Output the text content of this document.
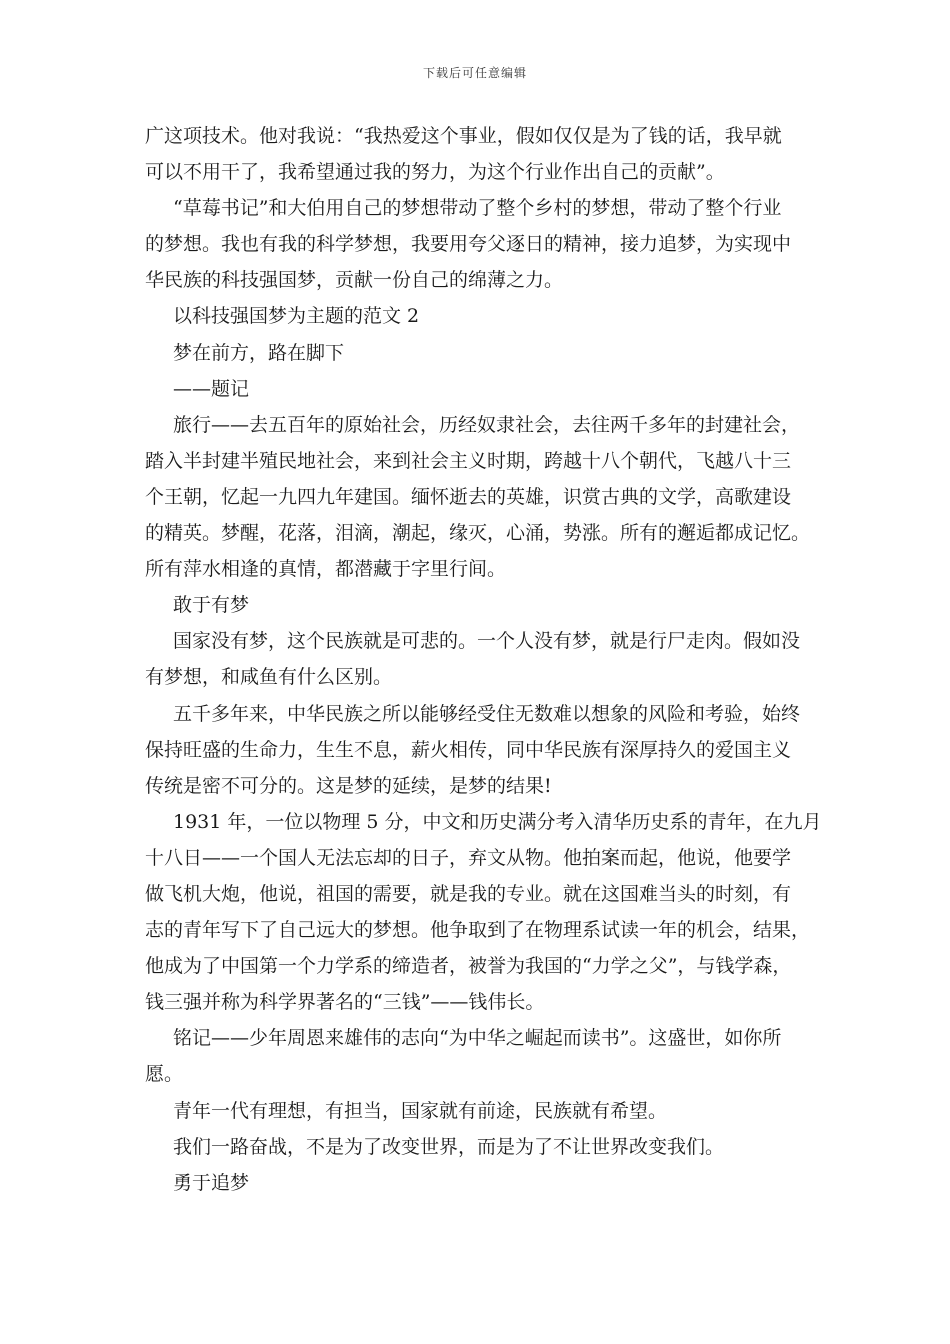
下载后可任意编辑
广这项技术。他对我说：“我热爱这个事业，假如仅仅是为了钱的话，我早就
可以不用干了，我希望通过我的努力，为这个行业作出自己的贡献”。
“草莓书记”和大伯用自己的梦想带动了整个乡村的梦想，带动了整个行业
的梦想。我也有我的科学梦想，我要用夸父逐日的精神，接力追梦，为实现中
华民族的科技强国梦，贡献一份自己的绵薄之力。
以科技强国梦为主题的范文 2
梦在前方，路在脚下
——题记
旅行——去五百年的原始社会，历经奴隶社会，去往两千多年的封建社会，
踏入半封建半殖民地社会，来到社会主义时期，跨越十八个朝代，飞越八十三
个王朝，忆起一九四九年建国。缅怀逝去的英雄，识赏古典的文学，高歌建设
的精英。梦醒，花落，泪滴，潮起，缘灭，心涌，势涨。所有的邂逅都成记忆。
所有萍水相逢的真情，都潜藏于字里行间。
敢于有梦
国家没有梦，这个民族就是可悲的。一个人没有梦，就是行尸走肉。假如没
有梦想，和咸鱼有什么区别。
五千多年来，中华民族之所以能够经受住无数难以想象的风险和考验，始终
保持旺盛的生命力，生生不息，薪火相传，同中华民族有深厚持久的爱国主义
传统是密不可分的。这是梦的延续，是梦的结果!
1931 年，一位以物理 5 分，中文和历史满分考入清华历史系的青年，在九月
十八日——一个国人无法忘却的日子，弃文从物。他拍案而起，他说，他要学
做飞机大炮，他说，祖国的需要，就是我的专业。就在这国难当头的时刻，有
志的青年写下了自己远大的梦想。他争取到了在物理系试读一年的机会，结果，
他成为了中国第一个力学系的缔造者，被誉为我国的“力学之父”，与钱学森，
钱三强并称为科学界著名的“三钱”——钱伟长。
铭记——少年周恩来雄伟的志向“为中华之崛起而读书”。这盛世，如你所
愿。
青年一代有理想，有担当，国家就有前途，民族就有希望。
我们一路奋战，不是为了改变世界，而是为了不让世界改变我们。
勇于追梦
